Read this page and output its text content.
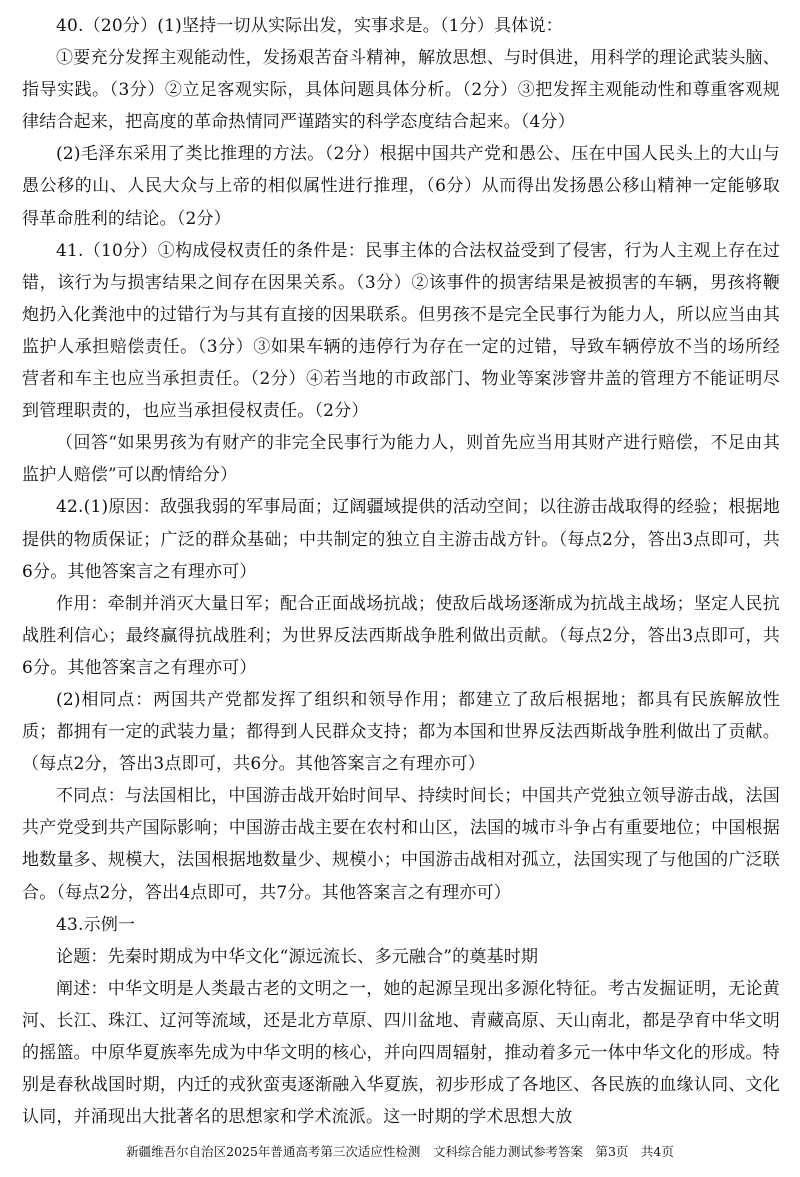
40.（20分）(1)坚持一切从实际出发，实事求是。（1分）具体说：

①要充分发挥主观能动性，发扬艰苦奋斗精神，解放思想、与时俱进，用科学的理论武装头脑、指导实践。（3分）②立足客观实际，具体问题具体分析。（2分）③把发挥主观能动性和尊重客观规律结合起来，把高度的革命热情同严谨踏实的科学态度结合起来。（4分）

(2)毛泽东采用了类比推理的方法。（2分）根据中国共产党和愚公、压在中国人民头上的大山与愚公移的山、人民大众与上帝的相似属性进行推理，（6分）从而得出发扬愚公移山精神一定能够取得革命胜利的结论。（2分）

41.（10分）①构成侵权责任的条件是：民事主体的合法权益受到了侵害，行为人主观上存在过错，该行为与损害结果之间存在因果关系。（3分）②该事件的损害结果是被损害的车辆，男孩将鞭炮扔入化粪池中的过错行为与其有直接的因果联系。但男孩不是完全民事行为能力人，所以应当由其监护人承担赔偿责任。（3分）③如果车辆的违停行为存在一定的过错，导致车辆停放不当的场所经营者和车主也应当承担责任。（2分）④若当地的市政部门、物业等案涉窨井盖的管理方不能证明尽到管理职责的，也应当承担侵权责任。（2分）

（回答“如果男孩为有财产的非完全民事行为能力人，则首先应当用其财产进行赔偿，不足由其监护人赔偿”可以酌情给分）

42.(1)原因：敌强我弱的军事局面；辽阔疆域提供的活动空间；以往游击战取得的经验；根据地提供的物质保证；广泛的群众基础；中共制定的独立自主游击战方针。（每点2分，答出3点即可，共6分。其他答案言之有理亦可）

作用：牵制并消灭大量日军；配合正面战场抗战；使敌后战场逐渐成为抗战主战场；坚定人民抗战胜利信心；最终赢得抗战胜利；为世界反法西斯战争胜利做出贡献。（每点2分，答出3点即可，共6分。其他答案言之有理亦可）

(2)相同点：两国共产党都发挥了组织和领导作用；都建立了敌后根据地；都具有民族解放性质；都拥有一定的武装力量；都得到人民群众支持；都为本国和世界反法西斯战争胜利做出了贡献。（每点2分，答出3点即可，共6分。其他答案言之有理亦可）

不同点：与法国相比，中国游击战开始时间早、持续时间长；中国共产党独立领导游击战，法国共产党受到共产国际影响；中国游击战主要在农村和山区，法国的城市斗争占有重要地位；中国根据地数量多、规模大，法国根据地数量少、规模小；中国游击战相对孤立，法国实现了与他国的广泛联合。（每点2分，答出4点即可，共7分。其他答案言之有理亦可）

43.示例一

论题：先秦时期成为中华文化“源远流长、多元融合”的奠基时期

阐述：中华文明是人类最古老的文明之一，她的起源呈现出多源化特征。考古发掘证明，无论黄河、长江、珠江、辽河等流域，还是北方草原、四川盆地、青藏高原、天山南北，都是孕育中华文明的摇篮。中原华夏族率先成为中华文明的核心，并向四周辐射，推动着多元一体中华文化的形成。特别是春秋战国时期，内迁的戎狄蛮夷逐渐融入华夏族，初步形成了各地区、各民族的血缘认同、文化认同，并涌现出大批著名的思想家和学术流派。这一时期的学术思想大放

新疆维吾尔自治区2025年普通高考第三次适应性检测　文科综合能力测试参考答案　第3页　共4页
